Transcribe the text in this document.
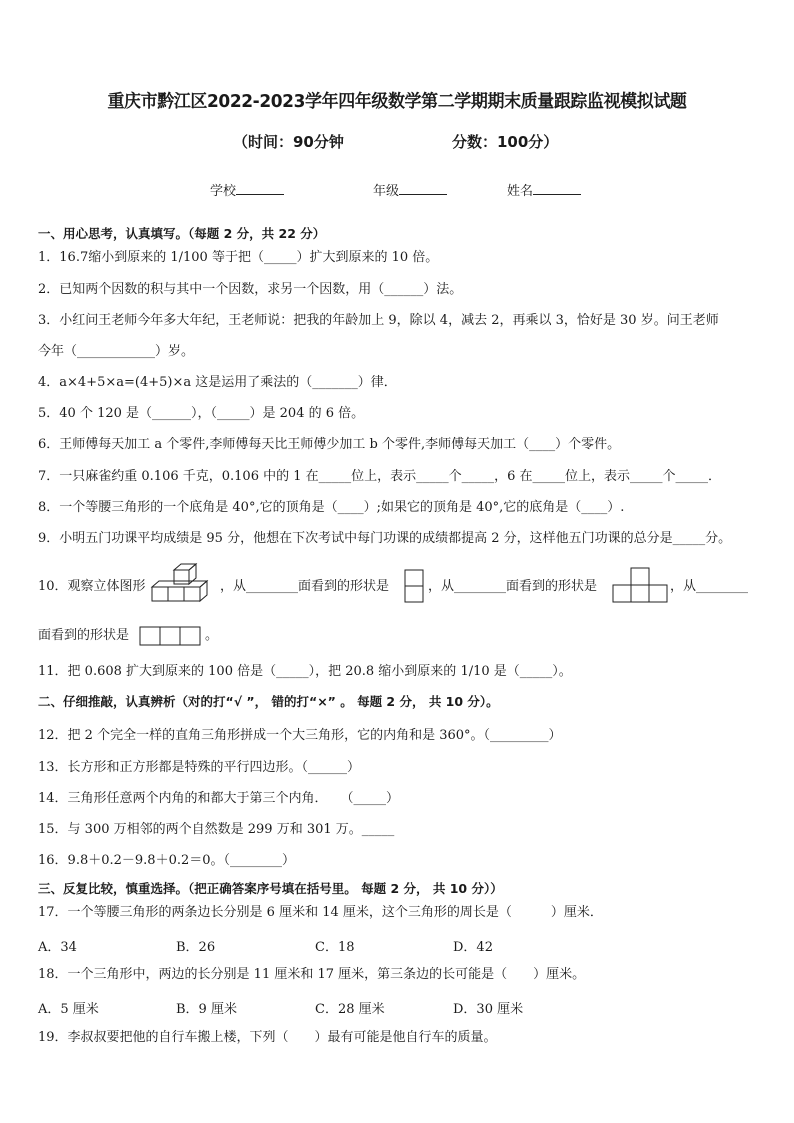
重庆市黔江区2022-2023学年四年级数学第二学期期末质量跟踪监视模拟试题
（时间：90分钟	分数：100分）
学校	年级	姓名
一、用心思考，认真填写。（每题 2 分，共 22 分）
1．16.7缩小到原来的 1/100 等于把（_____）扩大到原来的 10 倍。
2．已知两个因数的积与其中一个因数，求另一个因数，用（______）法。
3．小红问王老师今年多大年纪，王老师说：把我的年龄加上 9，除以 4，减去 2，再乘以 3，恰好是 30 岁。问王老师
今年（____________）岁。
4．a×4+5×a=(4+5)×a 这是运用了乘法的（_______）律．
5．40 个 120 是（______），（_____）是 204 的 6 倍。
6．王师傅每天加工 a 个零件,李师傅每天比王师傅少加工 b 个零件,李师傅每天加工（____）个零件。
7．一只麻雀约重 0.106 千克，0.106 中的 1 在_____位上，表示_____个_____，6 在_____位上，表示_____个_____．
8．一个等腰三角形的一个底角是 40°,它的顶角是（____）;如果它的顶角是 40°,它的底角是（____）.
9．小明五门功课平均成绩是 95 分，他想在下次考试中每门功课的成绩都提高 2 分，这样他五门功课的总分是_____分。
10．观察立体图形	，从________面看到的形状是	，从________面看到的形状是	，从________
面看到的形状是	。
11．把 0.608 扩大到原来的 100 倍是（_____），把 20.8 缩小到原来的 1/10 是（_____）。
二、仔细推敲，认真辨析（对的打“√ ”， 错的打“×” 。 每题 2 分， 共 10 分）。
12．把 2 个完全一样的直角三角形拼成一个大三角形，它的内角和是 360°。（_________）
13．长方形和正方形都是特殊的平行四边形。（______）
14．三角形任意两个内角的和都大于第三个内角．　　（_____）
15．与 300 万相邻的两个自然数是 299 万和 301 万。_____
16．9.8＋0.2－9.8＋0.2＝0。（________）
三、反复比较，慎重选择。（把正确答案序号填在括号里。 每题 2 分， 共 10 分））
17．一个等腰三角形的两条边长分别是 6 厘米和 14 厘米，这个三角形的周长是（　　　）厘米．
A．34	B．26	C．18	D．42
18．一个三角形中，两边的长分别是 11 厘米和 17 厘米，第三条边的长可能是（　　）厘米。
A．5 厘米	B．9 厘米	C．28 厘米	D．30 厘米
19．李叔叔要把他的自行车搬上楼，下列（　　）最有可能是他自行车的质量。
